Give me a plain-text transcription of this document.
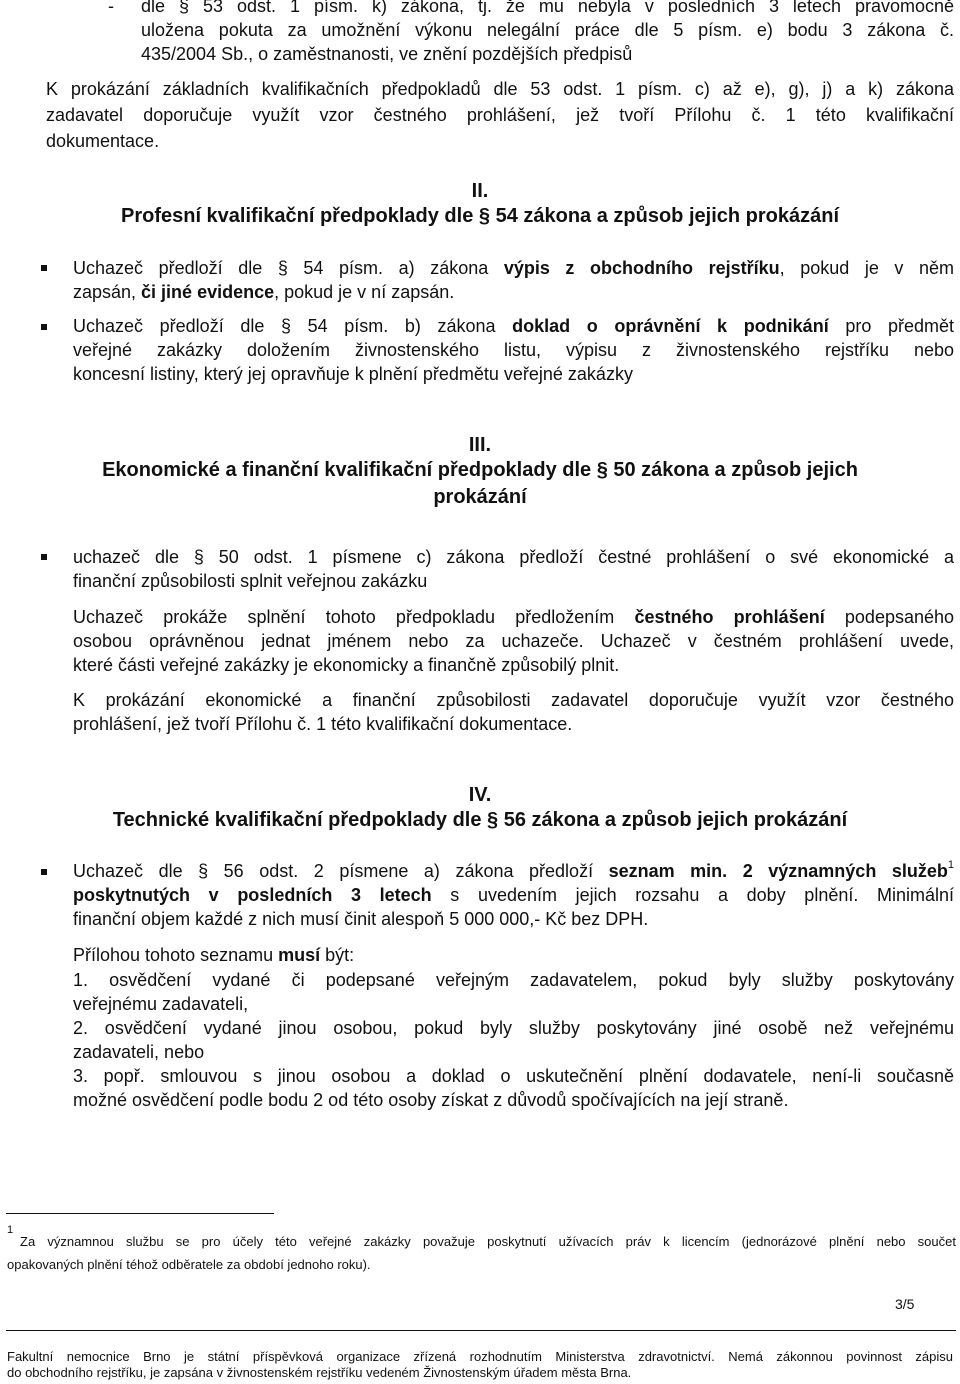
- dle § 53 odst. 1 písm. k) zákona, tj. že mu nebyla v posledních 3 letech pravomocně
uložena pokuta za umožnění výkonu nelegální práce dle 5 písm. e) bodu 3 zákona č.
435/2004 Sb., o zaměstnanosti, ve znění pozdějších předpisů
K prokázání základních kvalifikačních předpokladů dle 53 odst. 1 písm. c) až e), g), j) a k) zákona
zadavatel doporučuje využít vzor čestného prohlášení, jež tvoří Přílohu č. 1 této kvalifikační
dokumentace.
II.
Profesní kvalifikační předpoklady dle § 54 zákona a způsob jejich prokázání
Uchazeč předloží dle § 54 písm. a) zákona výpis z obchodního rejstříku, pokud je v něm
zapsán, či jiné evidence, pokud je v ní zapsán.
Uchazeč předloží dle § 54 písm. b) zákona doklad o oprávnění k podnikání pro předmět
veřejné zakázky doložením živnostenského listu, výpisu z živnostenského rejstříku nebo
koncesní listiny, který jej opravňuje k plnění předmětu veřejné zakázky
III.
Ekonomické a finanční kvalifikační předpoklady dle § 50 zákona a způsob jejich
prokázání
uchazeč dle § 50 odst. 1 písmene c) zákona předloží čestné prohlášení o své ekonomické a
finanční způsobilosti splnit veřejnou zakázku
Uchazeč prokáže splnění tohoto předpokladu předložením čestného prohlášení podepsaného
osobou oprávněnou jednat jménem nebo za uchazeče. Uchazeč v čestném prohlášení uvede,
které části veřejné zakázky je ekonomicky a finančně způsobilý plnit.
K prokázání ekonomické a finanční způsobilosti zadavatel doporučuje využít vzor čestného
prohlášení, jež tvoří Přílohu č. 1 této kvalifikační dokumentace.
IV.
Technické kvalifikační předpoklady dle § 56 zákona a způsob jejich prokázání
Uchazeč dle § 56 odst. 2 písmene a) zákona předloží seznam min. 2 významných služeb$^1$
poskytnutých v posledních 3 letech s uvedením jejich rozsahu a doby plnění. Minimální
finanční objem každé z nich musí činit alespoň 5 000 000,- Kč bez DPH.
Přílohou tohoto seznamu musí být:
1. osvědčení vydané či podepsané veřejným zadavatelem, pokud byly služby poskytovány
veřejnému zadavateli,
2. osvědčení vydané jinou osobou, pokud byly služby poskytovány jiné osobě než veřejnému
zadavateli, nebo
3. popř. smlouvou s jinou osobou a doklad o uskutečnění plnění dodavatele, není-li současně
možné osvědčení podle bodu 2 od této osoby získat z důvodů spočívajících na její straně.
1
Za významnou službu se pro účely této veřejné zakázky považuje poskytnutí užívacích práv k licencím (jednorázové plnění nebo součet
opakovaných plnění téhož odběratele za období jednoho roku).
3/5
Fakultní nemocnice Brno je státní příspěvková organizace zřízená rozhodnutím Ministerstva zdravotnictví. Nemá zákonnou povinnost zápisu
do obchodního rejstříku, je zapsána v živnostenském rejstříku vedeném Živnostenským úřadem města Brna.
